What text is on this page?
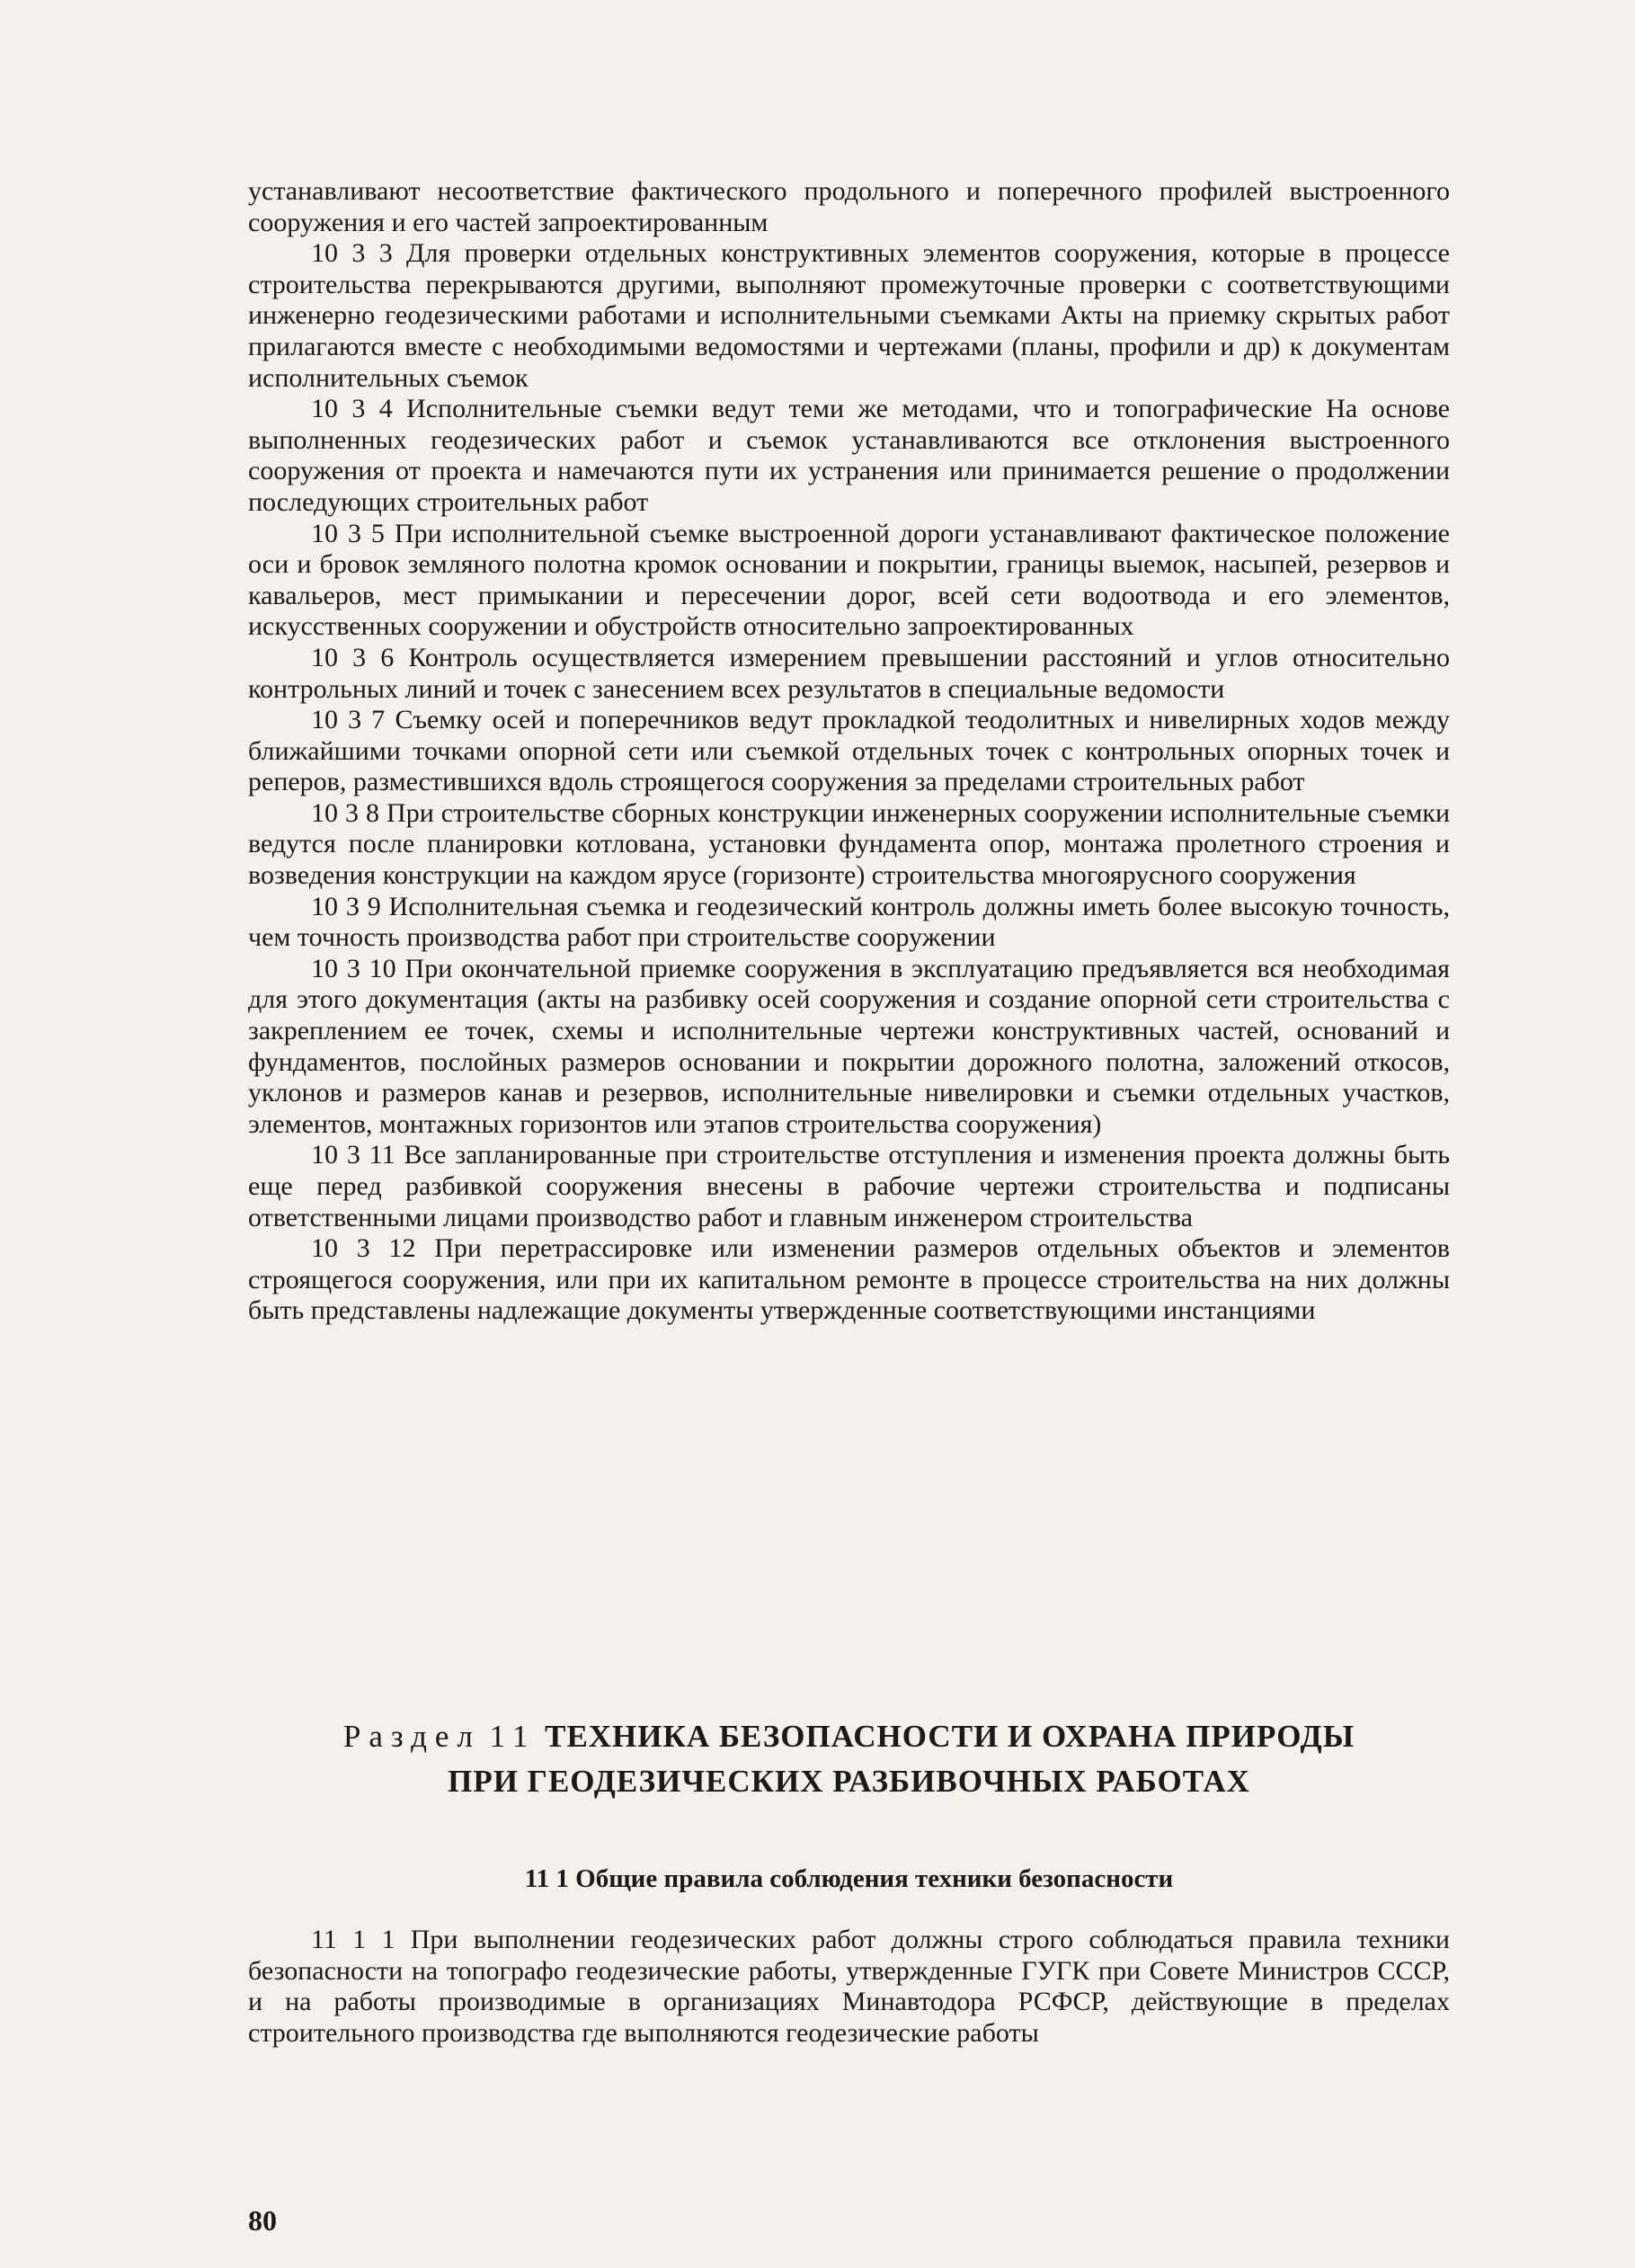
устанавливают несоответствие фактического продольного и поперечного профилей выстроенного сооружения и его частей запроектированным

10 3 3 Для проверки отдельных конструктивных элементов сооружения, которые в процессе строительства перекрываются другими, выполняют промежуточные проверки с соответствующими инженерно геодезическими работами и исполнительными съемками Акты на приемку скрытых работ прилагаются вместе с необходимыми ведомостями и чертежами (планы, профили и др) к документам исполнительных съемок

10 3 4 Исполнительные съемки ведут теми же методами, что и топографические На основе выполненных геодезических работ и съемок устанавливаются все отклонения выстроенного сооружения от проекта и намечаются пути их устранения или принимается решение о продолжении последующих строительных работ

10 3 5 При исполнительной съемке выстроенной дороги устанавливают фактическое положение оси и бровок земляного полотна кромок основании и покрытии, границы выемок, насыпей, резервов и кавальеров, мест примыкании и пересечении дорог, всей сети водоотвода и его элементов, искусственных сооружении и обустройств относительно запроектированных

10 3 6 Контроль осуществляется измерением превышении расстояний и углов относительно контрольных линий и точек с занесением всех результатов в специальные ведомости

10 3 7 Съемку осей и поперечников ведут прокладкой теодолитных и нивелирных ходов между ближайшими точками опорной сети или съемкой отдельных точек с контрольных опорных точек и реперов, разместившихся вдоль строящегося сооружения за пределами строительных работ

10 3 8 При строительстве сборных конструкции инженерных сооружении исполнительные съемки ведутся после планировки котлована, установки фундамента опор, монтажа пролетного строения и возведения конструкции на каждом ярусе (горизонте) строительства многоярусного сооружения

10 3 9 Исполнительная съемка и геодезический контроль должны иметь более высокую точность, чем точность производства работ при строительстве сооружении

10 3 10 При окончательной приемке сооружения в эксплуатацию предъявляется вся необходимая для этого документация (акты на разбивку осей сооружения и создание опорной сети строительства с закреплением ее точек, схемы и исполнительные чертежи конструктивных частей, оснований и фундаментов, послойных размеров основании и покрытии дорожного полотна, заложений откосов, уклонов и размеров канав и резервов, исполнительные нивелировки и съемки отдельных участков, элементов, монтажных горизонтов или этапов строительства сооружения)

10 3 11 Все запланированные при строительстве отступления и изменения проекта должны быть еще перед разбивкой сооружения внесены в рабочие чертежи строительства и подписаны ответственными лицами производство работ и главным инженером строительства

10 3 12 При перетрассировке или изменении размеров отдельных объектов и элементов строящегося сооружения, или при их капитальном ремонте в процессе строительства на них должны быть представлены надлежащие документы утвержденные соответствующими инстанциями

Раздел 11 ТЕХНИКА БЕЗОПАСНОСТИ И ОХРАНА ПРИРОДЫ
ПРИ ГЕОДЕЗИЧЕСКИХ РАЗБИВОЧНЫХ РАБОТАХ
11 1 Общие правила соблюдения техники безопасности

11 1 1 При выполнении геодезических работ должны строго соблюдаться правила техники безопасности на топографо геодезические работы, утвержденные ГУГК при Совете Министров СССР, и на работы производимые в организациях Минавтодора РСФСР, действующие в пределах строительного производства где выполняются геодезические работы

80
